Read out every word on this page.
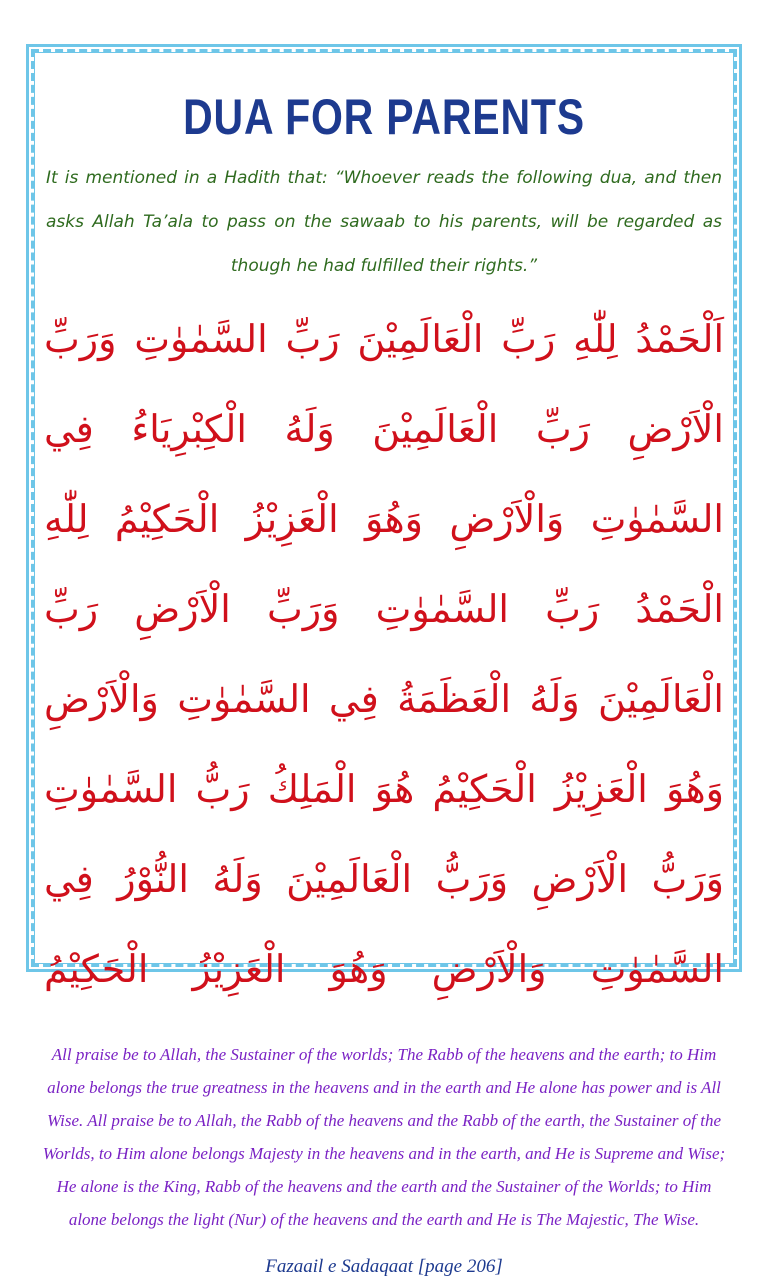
DUA FOR PARENTS

It is mentioned in a Hadith that: “Whoever reads the following dua, and then asks Allah Ta’ala to pass on the sawaab to his parents, will be regarded as though he had fulfilled their rights.”

اَلْحَمْدُ لِلّٰهِ رَبِّ الْعَالَمِيْنَ رَبِّ السَّمٰوٰتِ وَرَبِّ الْاَرْضِ رَبِّ الْعَالَمِيْنَ وَلَهُ الْكِبْرِيَاءُ فِي السَّمٰوٰتِ وَالْاَرْضِ وَهُوَ الْعَزِيْزُ الْحَكِيْمُ لِلّٰهِ الْحَمْدُ رَبِّ السَّمٰوٰتِ وَرَبِّ الْاَرْضِ رَبِّ الْعَالَمِيْنَ وَلَهُ الْعَظَمَةُ فِي السَّمٰوٰتِ وَالْاَرْضِ وَهُوَ الْعَزِيْزُ الْحَكِيْمُ هُوَ الْمَلِكُ رَبُّ السَّمٰوٰتِ وَرَبُّ الْاَرْضِ وَرَبُّ الْعَالَمِيْنَ وَلَهُ النُّوْرُ فِي السَّمٰوٰتِ وَالْاَرْضِ وَهُوَ الْعَزِيْزُ الْحَكِيْمُ

All praise be to Allah, the Sustainer of the worlds; The Rabb of the heavens and the earth; to Him alone belongs the true greatness in the heavens and in the earth and He alone has power and is All Wise. All praise be to Allah, the Rabb of the heavens and the Rabb of the earth, the Sustainer of the Worlds, to Him alone belongs Majesty in the heavens and in the earth, and He is Supreme and Wise; He alone is the King, Rabb of the heavens and the earth and the Sustainer of the Worlds; to Him alone belongs the light (Nur) of the heavens and the earth and He is The Majestic, The Wise.

Fazaail e Sadaqaat [page 206]
